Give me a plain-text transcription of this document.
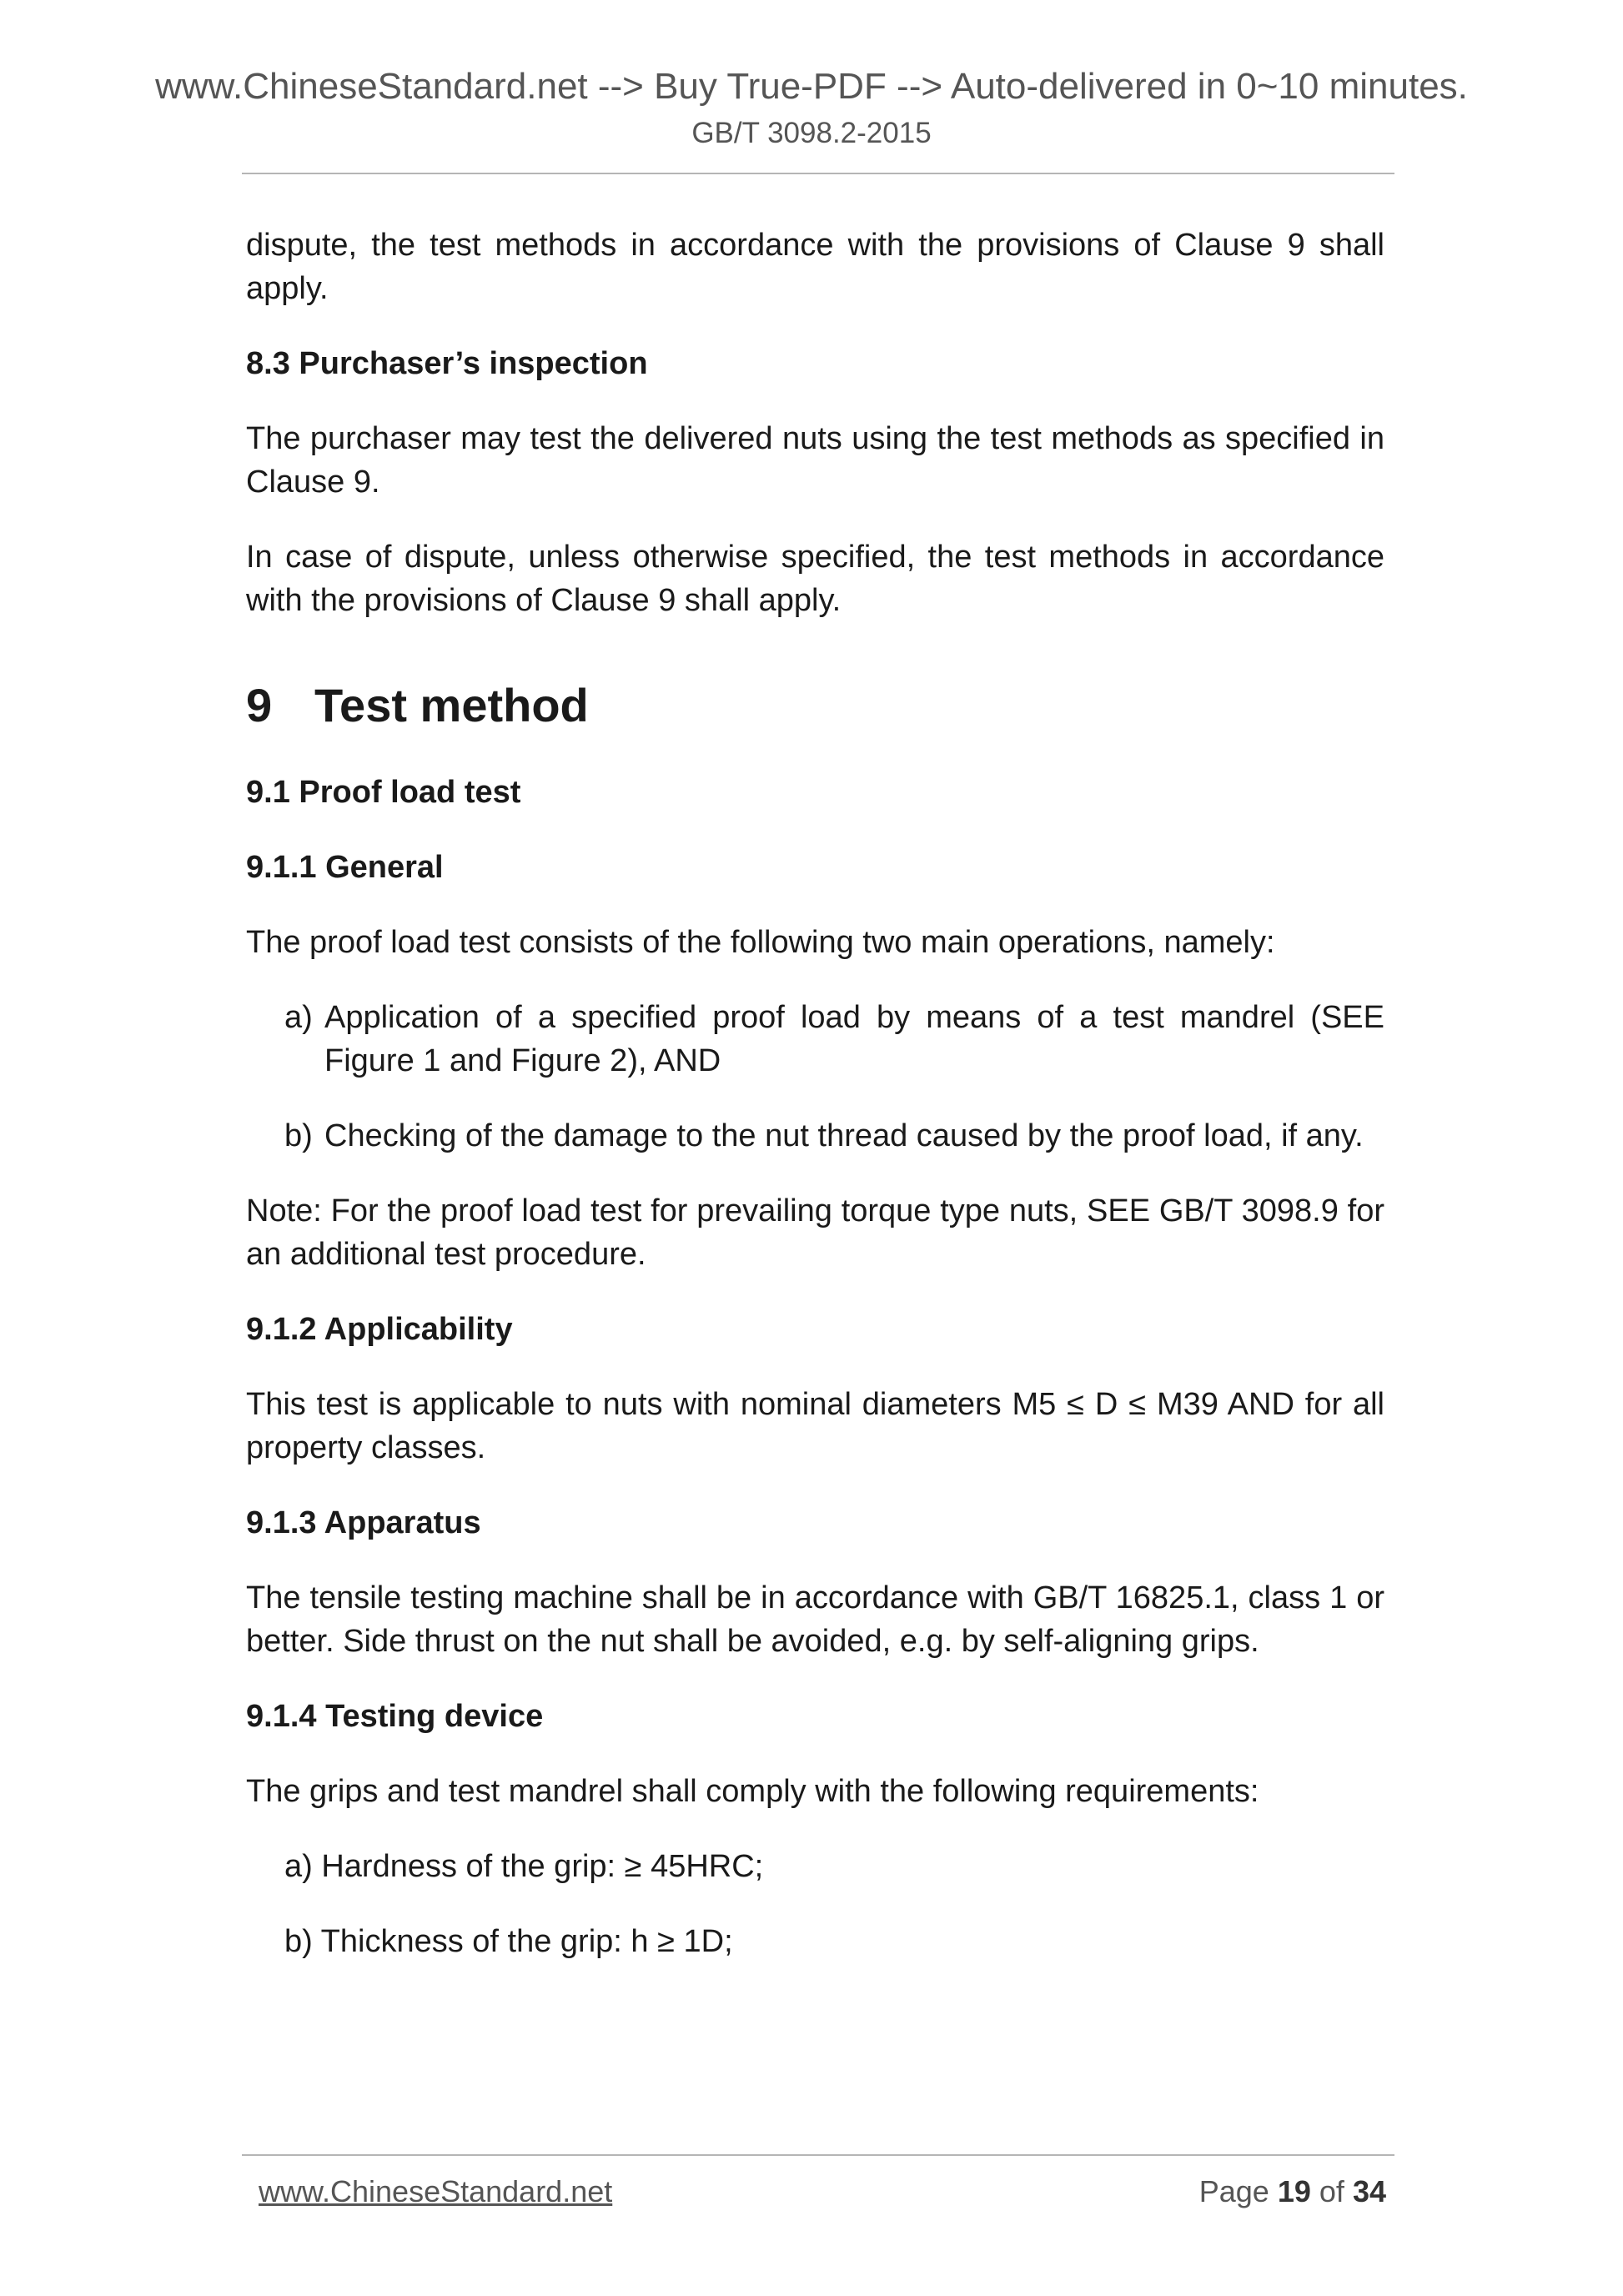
www.ChineseStandard.net --> Buy True-PDF --> Auto-delivered in 0~10 minutes.
GB/T 3098.2-2015

dispute, the test methods in accordance with the provisions of Clause 9 shall apply.

8.3 Purchaser’s inspection

The purchaser may test the delivered nuts using the test methods as specified in Clause 9.

In case of dispute, unless otherwise specified, the test methods in accordance with the provisions of Clause 9 shall apply.

9 Test method
9.1 Proof load test
9.1.1 General

The proof load test consists of the following two main operations, namely:

a) Application of a specified proof load by means of a test mandrel (SEE Figure 1 and Figure 2), AND
b) Checking of the damage to the nut thread caused by the proof load, if any.

Note: For the proof load test for prevailing torque type nuts, SEE GB/T 3098.9 for an additional test procedure.

9.1.2 Applicability

This test is applicable to nuts with nominal diameters M5 ≤ D ≤ M39 AND for all property classes.

9.1.3 Apparatus

The tensile testing machine shall be in accordance with GB/T 16825.1, class 1 or better. Side thrust on the nut shall be avoided, e.g. by self-aligning grips.

9.1.4 Testing device

The grips and test mandrel shall comply with the following requirements:

a) Hardness of the grip: ≥ 45HRC;
b) Thickness of the grip: h ≥ 1D;
www.ChineseStandard.net	Page 19 of 34
